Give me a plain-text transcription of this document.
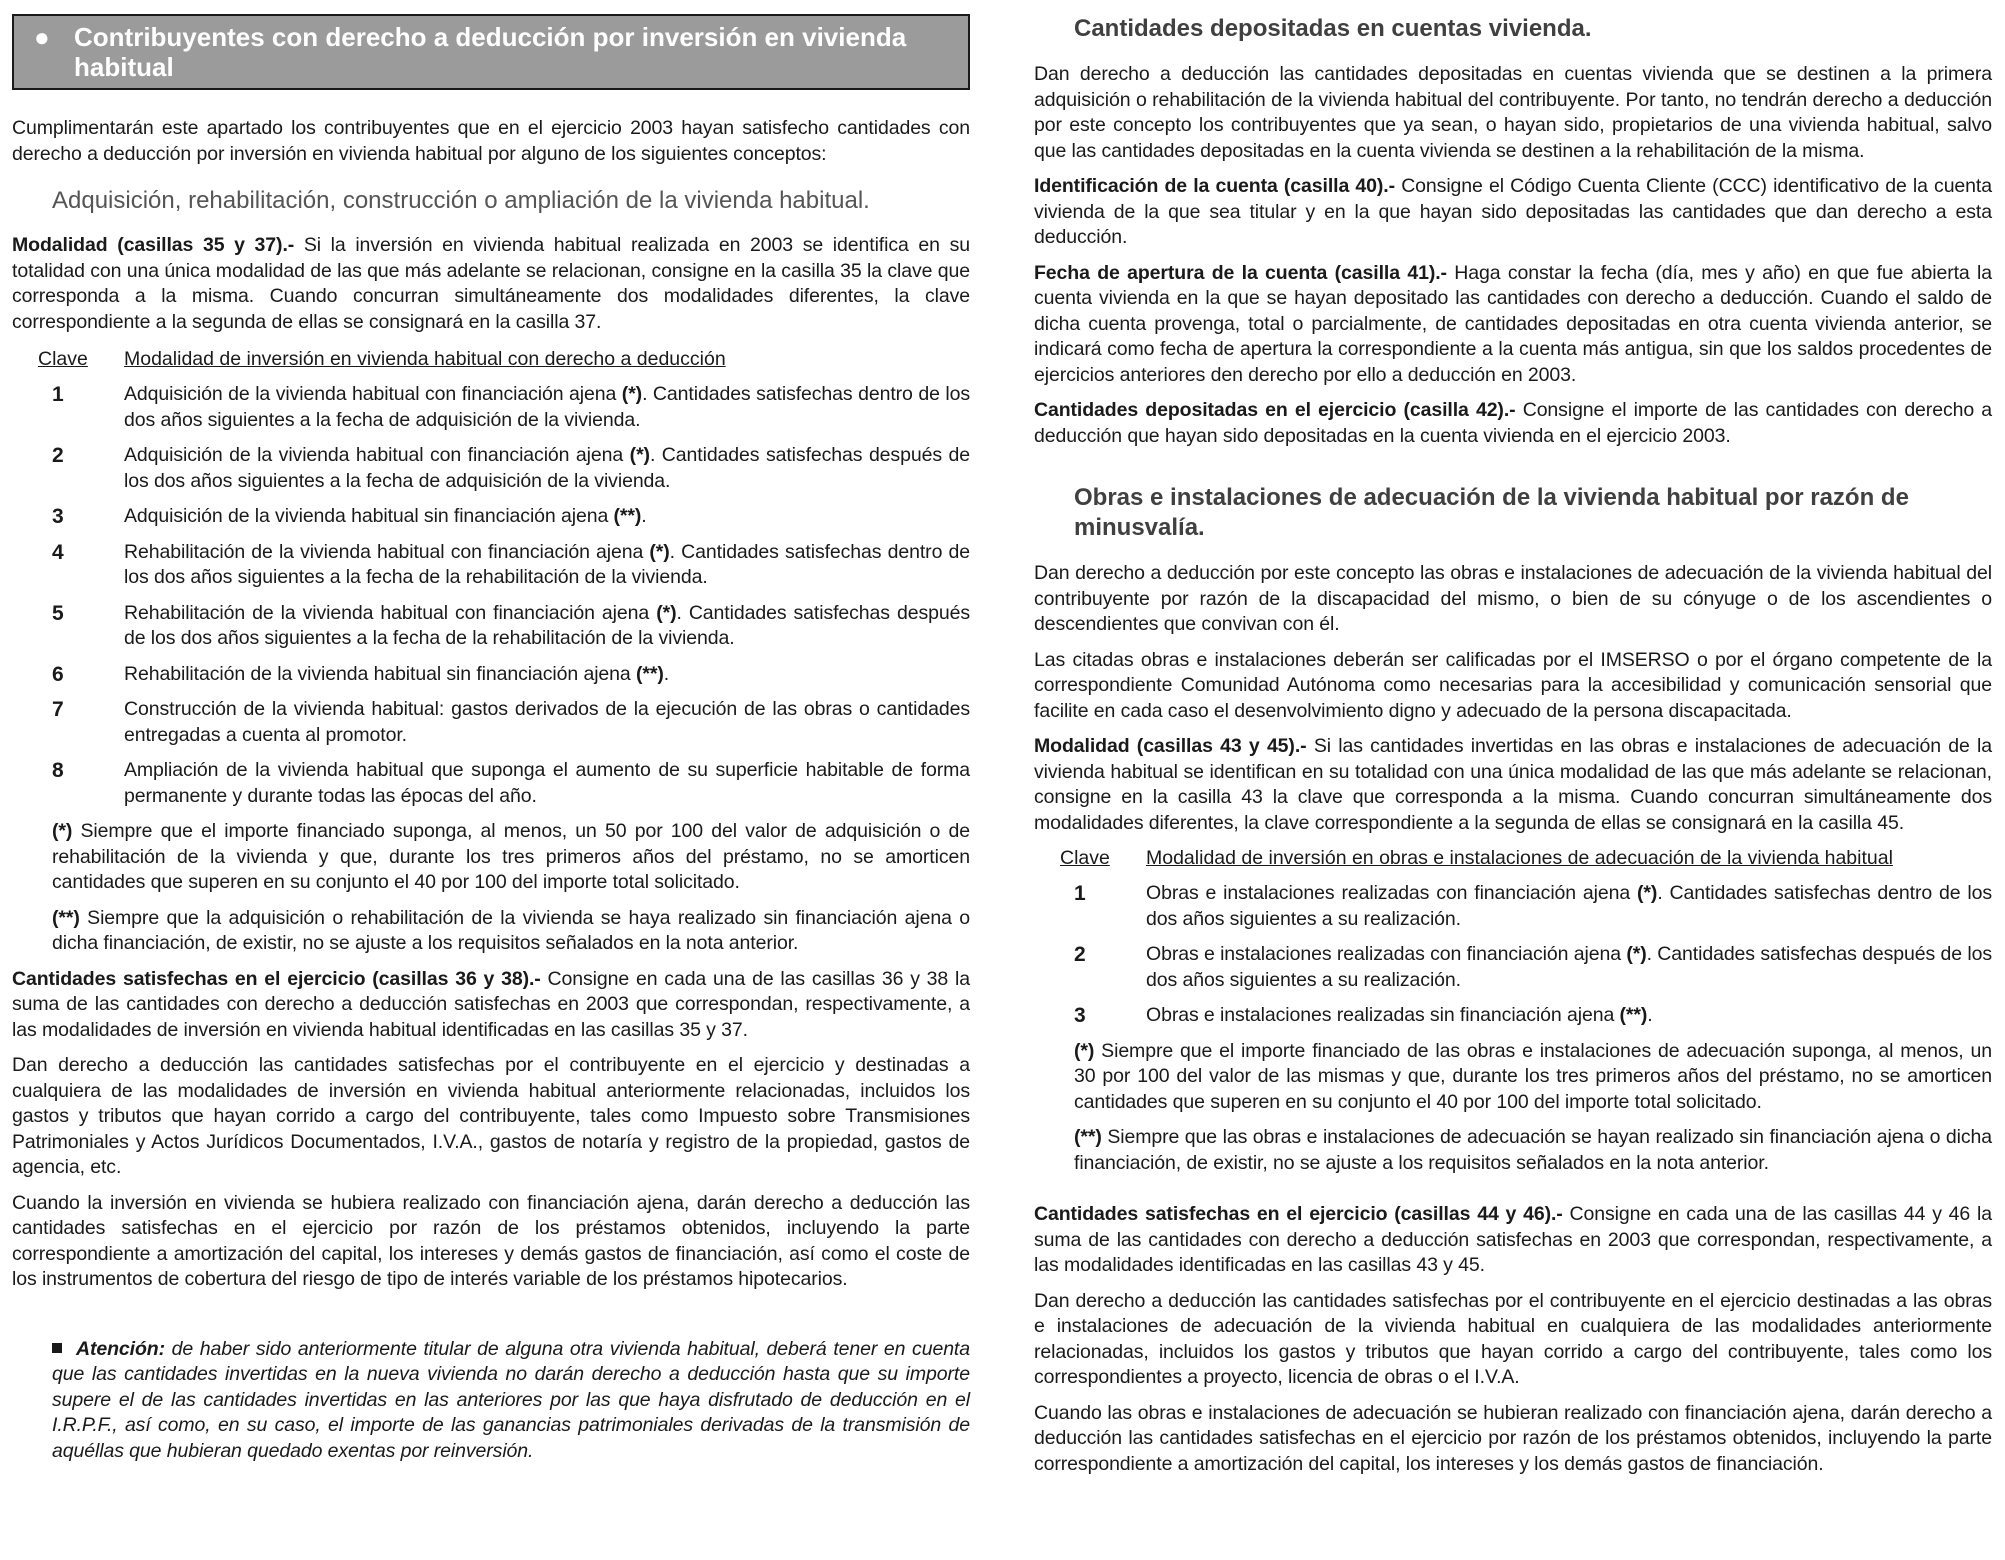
● Contribuyentes con derecho a deducción por inversión en vivienda habitual

Cumplimentarán este apartado los contribuyentes que en el ejercicio 2003 hayan satisfecho cantidades con derecho a deducción por inversión en vivienda habitual por alguno de los siguientes conceptos:

Adquisición, rehabilitación, construcción o ampliación de la vivienda habitual.

Modalidad (casillas 35 y 37).- Si la inversión en vivienda habitual realizada en 2003 se identifica en su totalidad con una única modalidad de las que más adelante se relacionan, consigne en la casilla 35 la clave que corresponda a la misma. Cuando concurran simultáneamente dos modalidades diferentes, la clave correspondiente a la segunda de ellas se consignará en la casilla 37.

Clave	Modalidad de inversión en vivienda habitual con derecho a deducción
1	Adquisición de la vivienda habitual con financiación ajena (*). Cantidades satisfechas dentro de los dos años siguientes a la fecha de adquisición de la vivienda.

2	Adquisición de la vivienda habitual con financiación ajena (*). Cantidades satisfechas después de los dos años siguientes a la fecha de adquisición de la vivienda.

3	Adquisición de la vivienda habitual sin financiación ajena (**).

4	Rehabilitación de la vivienda habitual con financiación ajena (*). Cantidades satisfechas dentro de los dos años siguientes a la fecha de la rehabilitación de la vivienda.

5	Rehabilitación de la vivienda habitual con financiación ajena (*). Cantidades satisfechas después de los dos años siguientes a la fecha de la rehabilitación de la vivienda.

6	Rehabilitación de la vivienda habitual sin financiación ajena (**).

7	Construcción de la vivienda habitual: gastos derivados de la ejecución de las obras o cantidades entregadas a cuenta al promotor.

8	Ampliación de la vivienda habitual que suponga el aumento de su superficie habitable de forma permanente y durante todas las épocas del año.

(*) Siempre que el importe financiado suponga, al menos, un 50 por 100 del valor de adquisición o de rehabilitación de la vivienda y que, durante los tres primeros años del préstamo, no se amorticen cantidades que superen en su conjunto el 40 por 100 del importe total solicitado.

(**) Siempre que la adquisición o rehabilitación de la vivienda se haya realizado sin financiación ajena o dicha financiación, de existir, no se ajuste a los requisitos señalados en la nota anterior.

Cantidades satisfechas en el ejercicio (casillas 36 y 38).- Consigne en cada una de las casillas 36 y 38 la suma de las cantidades con derecho a deducción satisfechas en 2003 que correspondan, respectivamente, a las modalidades de inversión en vivienda habitual identificadas en las casillas 35 y 37.

Dan derecho a deducción las cantidades satisfechas por el contribuyente en el ejercicio y destinadas a cualquiera de las modalidades de inversión en vivienda habitual anteriormente relacionadas, incluidos los gastos y tributos que hayan corrido a cargo del contribuyente, tales como Impuesto sobre Transmisiones Patrimoniales y Actos Jurídicos Documentados, I.V.A., gastos de notaría y registro de la propiedad, gastos de agencia, etc.

Cuando la inversión en vivienda se hubiera realizado con financiación ajena, darán derecho a deducción las cantidades satisfechas en el ejercicio por razón de los préstamos obtenidos, incluyendo la parte correspondiente a amortización del capital, los intereses y demás gastos de financiación, así como el coste de los instrumentos de cobertura del riesgo de tipo de interés variable de los préstamos hipotecarios.

Atención: de haber sido anteriormente titular de alguna otra vivienda habitual, deberá tener en cuenta que las cantidades invertidas en la nueva vivienda no darán derecho a deducción hasta que su importe supere el de las cantidades invertidas en las anteriores por las que haya disfrutado de deducción en el I.R.P.F., así como, en su caso, el importe de las ganancias patrimoniales derivadas de la transmisión de aquéllas que hubieran quedado exentas por reinversión.

Cantidades depositadas en cuentas vivienda.

Dan derecho a deducción las cantidades depositadas en cuentas vivienda que se destinen a la primera adquisición o rehabilitación de la vivienda habitual del contribuyente. Por tanto, no tendrán derecho a deducción por este concepto los contribuyentes que ya sean, o hayan sido, propietarios de una vivienda habitual, salvo que las cantidades depositadas en la cuenta vivienda se destinen a la rehabilitación de la misma.

Identificación de la cuenta (casilla 40).- Consigne el Código Cuenta Cliente (CCC) identificativo de la cuenta vivienda de la que sea titular y en la que hayan sido depositadas las cantidades que dan derecho a esta deducción.

Fecha de apertura de la cuenta (casilla 41).- Haga constar la fecha (día, mes y año) en que fue abierta la cuenta vivienda en la que se hayan depositado las cantidades con derecho a deducción. Cuando el saldo de dicha cuenta provenga, total o parcialmente, de cantidades depositadas en otra cuenta vivienda anterior, se indicará como fecha de apertura la correspondiente a la cuenta más antigua, sin que los saldos procedentes de ejercicios anteriores den derecho por ello a deducción en 2003.

Cantidades depositadas en el ejercicio (casilla 42).- Consigne el importe de las cantidades con derecho a deducción que hayan sido depositadas en la cuenta vivienda en el ejercicio 2003.

Obras e instalaciones de adecuación de la vivienda habitual por razón de minusvalía.

Dan derecho a deducción por este concepto las obras e instalaciones de adecuación de la vivienda habitual del contribuyente por razón de la discapacidad del mismo, o bien de su cónyuge o de los ascendientes o descendientes que convivan con él.

Las citadas obras e instalaciones deberán ser calificadas por el IMSERSO o por el órgano competente de la correspondiente Comunidad Autónoma como necesarias para la accesibilidad y comunicación sensorial que facilite en cada caso el desenvolvimiento digno y adecuado de la persona discapacitada.

Modalidad (casillas 43 y 45).- Si las cantidades invertidas en las obras e instalaciones de adecuación de la vivienda habitual se identifican en su totalidad con una única modalidad de las que más adelante se relacionan, consigne en la casilla 43 la clave que corresponda a la misma. Cuando concurran simultáneamente dos modalidades diferentes, la clave correspondiente a la segunda de ellas se consignará en la casilla 45.

Clave	Modalidad de inversión en obras e instalaciones de adecuación de la vivienda habitual
1	Obras e instalaciones realizadas con financiación ajena (*). Cantidades satisfechas dentro de los dos años siguientes a su realización.

2	Obras e instalaciones realizadas con financiación ajena (*). Cantidades satisfechas después de los dos años siguientes a su realización.

3	Obras e instalaciones realizadas sin financiación ajena (**).

(*) Siempre que el importe financiado de las obras e instalaciones de adecuación suponga, al menos, un 30 por 100 del valor de las mismas y que, durante los tres primeros años del préstamo, no se amorticen cantidades que superen en su conjunto el 40 por 100 del importe total solicitado.

(**) Siempre que las obras e instalaciones de adecuación se hayan realizado sin financiación ajena o dicha financiación, de existir, no se ajuste a los requisitos señalados en la nota anterior.

Cantidades satisfechas en el ejercicio (casillas 44 y 46).- Consigne en cada una de las casillas 44 y 46 la suma de las cantidades con derecho a deducción satisfechas en 2003 que correspondan, respectivamente, a las modalidades identificadas en las casillas 43 y 45.

Dan derecho a deducción las cantidades satisfechas por el contribuyente en el ejercicio destinadas a las obras e instalaciones de adecuación de la vivienda habitual en cualquiera de las modalidades anteriormente relacionadas, incluidos los gastos y tributos que hayan corrido a cargo del contribuyente, tales como los correspondientes a proyecto, licencia de obras o el I.V.A.

Cuando las obras e instalaciones de adecuación se hubieran realizado con financiación ajena, darán derecho a deducción las cantidades satisfechas en el ejercicio por razón de los préstamos obtenidos, incluyendo la parte correspondiente a amortización del capital, los intereses y los demás gastos de financiación.
